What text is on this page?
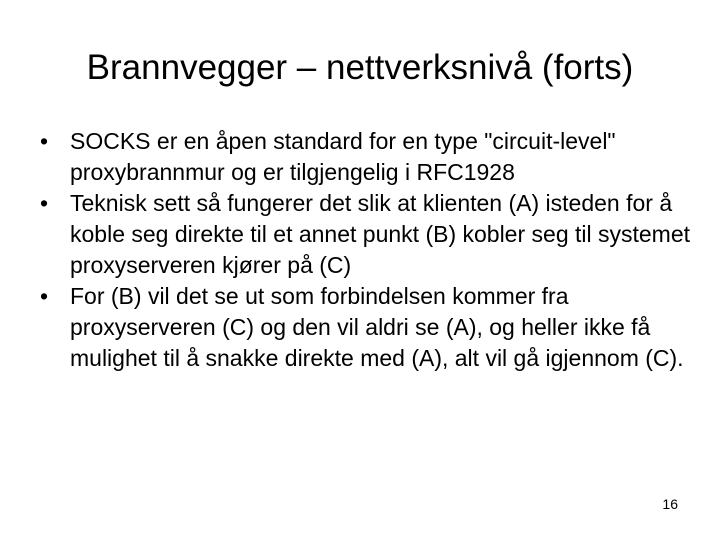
Brannvegger – nettverksnivå (forts)
• SOCKS er en åpen standard for en type "circuit-level" proxybrannmur og er tilgjengelig i RFC1928
• Teknisk sett så fungerer det slik at klienten (A) isteden for å koble seg direkte til et annet punkt (B) kobler seg til systemet proxyserveren kjører på (C)
• For (B) vil det se ut som forbindelsen kommer fra proxyserveren (C) og den vil aldri se (A), og heller ikke få mulighet til å snakke direkte med (A), alt vil gå igjennom (C).
16
